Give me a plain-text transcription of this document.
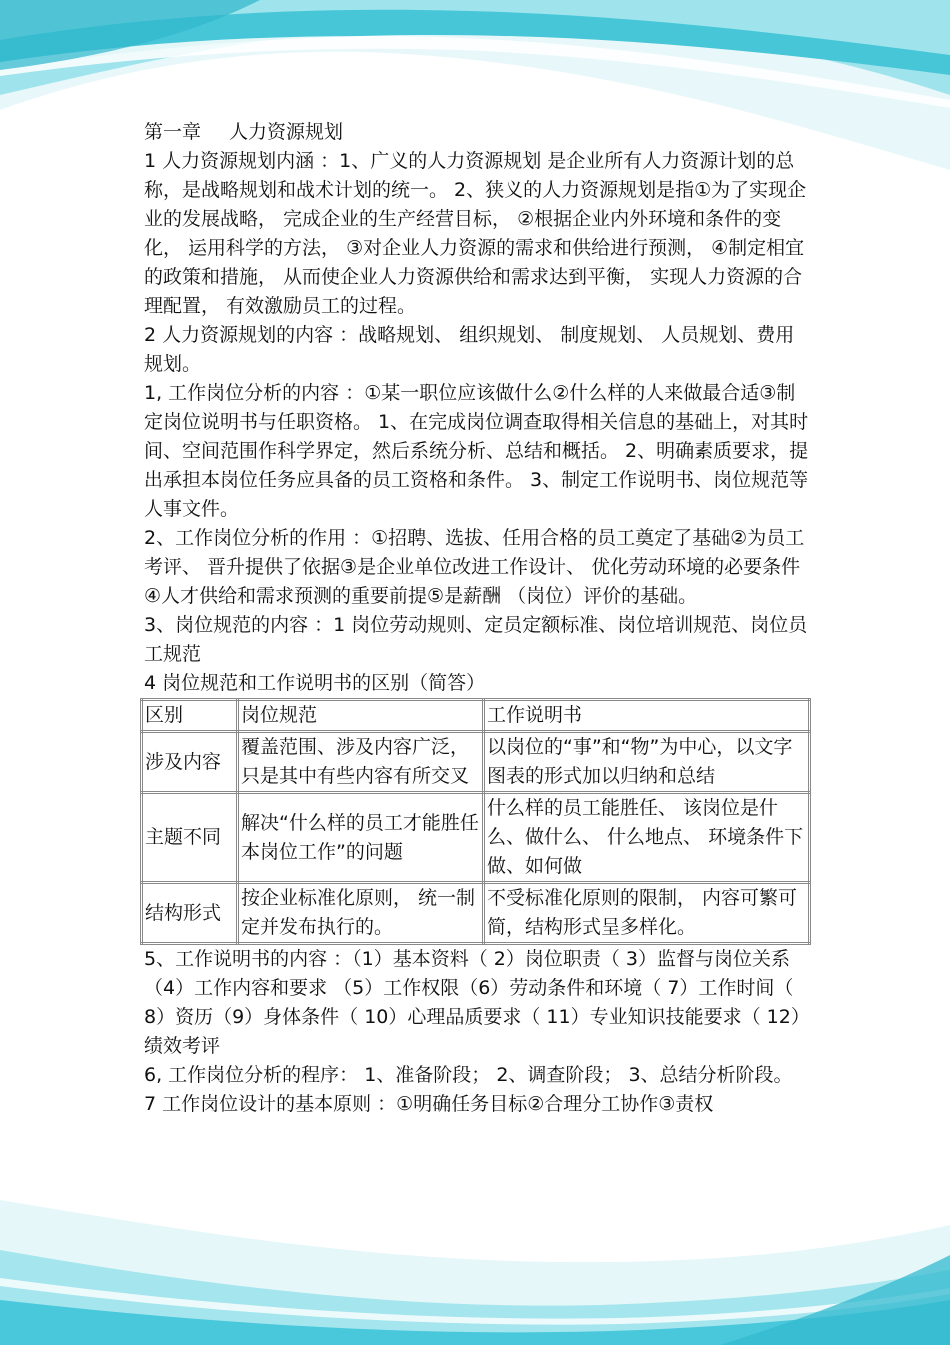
第一章 人力资源规划

1 人力资源规划内涵 ：1、广义的人力资源规划 是企业所有人力资源计划的总称，是战略规划和战术计划的统一。 2、狭义的人力资源规划是指①为了实现企业的发展战略， 完成企业的生产经营目标， ②根据企业内外环境和条件的变化， 运用科学的方法， ③对企业人力资源的需求和供给进行预测， ④制定相宜的政策和措施， 从而使企业人力资源供给和需求达到平衡， 实现人力资源的合理配置， 有效激励员工的过程。

2 人力资源规划的内容 ：战略规划、 组织规划、 制度规划、 人员规划、费用规划。

1, 工作岗位分析的内容 ：①某一职位应该做什么②什么样的人来做最合适③制定岗位说明书与任职资格。 1、在完成岗位调查取得相关信息的基础上，对其时间、空间范围作科学界定，然后系统分析、总结和概括。 2、明确素质要求，提出承担本岗位任务应具备的员工资格和条件。 3、制定工作说明书、岗位规范等人事文件。

2、工作岗位分析的作用 ：①招聘、选拔、任用合格的员工奠定了基础②为员工考评、 晋升提供了依据③是企业单位改进工作设计、 优化劳动环境的必要条件④人才供给和需求预测的重要前提⑤是薪酬 （岗位）评价的基础。

3、岗位规范的内容 ：1 岗位劳动规则、定员定额标准、岗位培训规范、岗位员工规范

4 岗位规范和工作说明书的区别（简答）

区别	岗位规范	工作说明书
涉及内容	覆盖范围、涉及内容广泛，只是其中有些内容有所交叉	以岗位的“事”和“物”为中心，以文字图表的形式加以归纳和总结
主题不同	解决“什么样的员工才能胜任本岗位工作”的问题	什么样的员工能胜任、 该岗位是什么、做什么、 什么地点、 环境条件下做、如何做
结构形式	按企业标准化原则， 统一制定并发布执行的。	不受标准化原则的限制， 内容可繁可简，结构形式呈多样化。

5、工作说明书的内容 ：（1）基本资料（ 2）岗位职责（ 3）监督与岗位关系 （4）工作内容和要求 （5）工作权限（6）劳动条件和环境（ 7）工作时间（ 8）资历（9）身体条件（ 10）心理品质要求（ 11）专业知识技能要求（ 12）绩效考评

6, 工作岗位分析的程序： 1、准备阶段； 2、调查阶段； 3、总结分析阶段。

7 工作岗位设计的基本原则 ：①明确任务目标②合理分工协作③责权
